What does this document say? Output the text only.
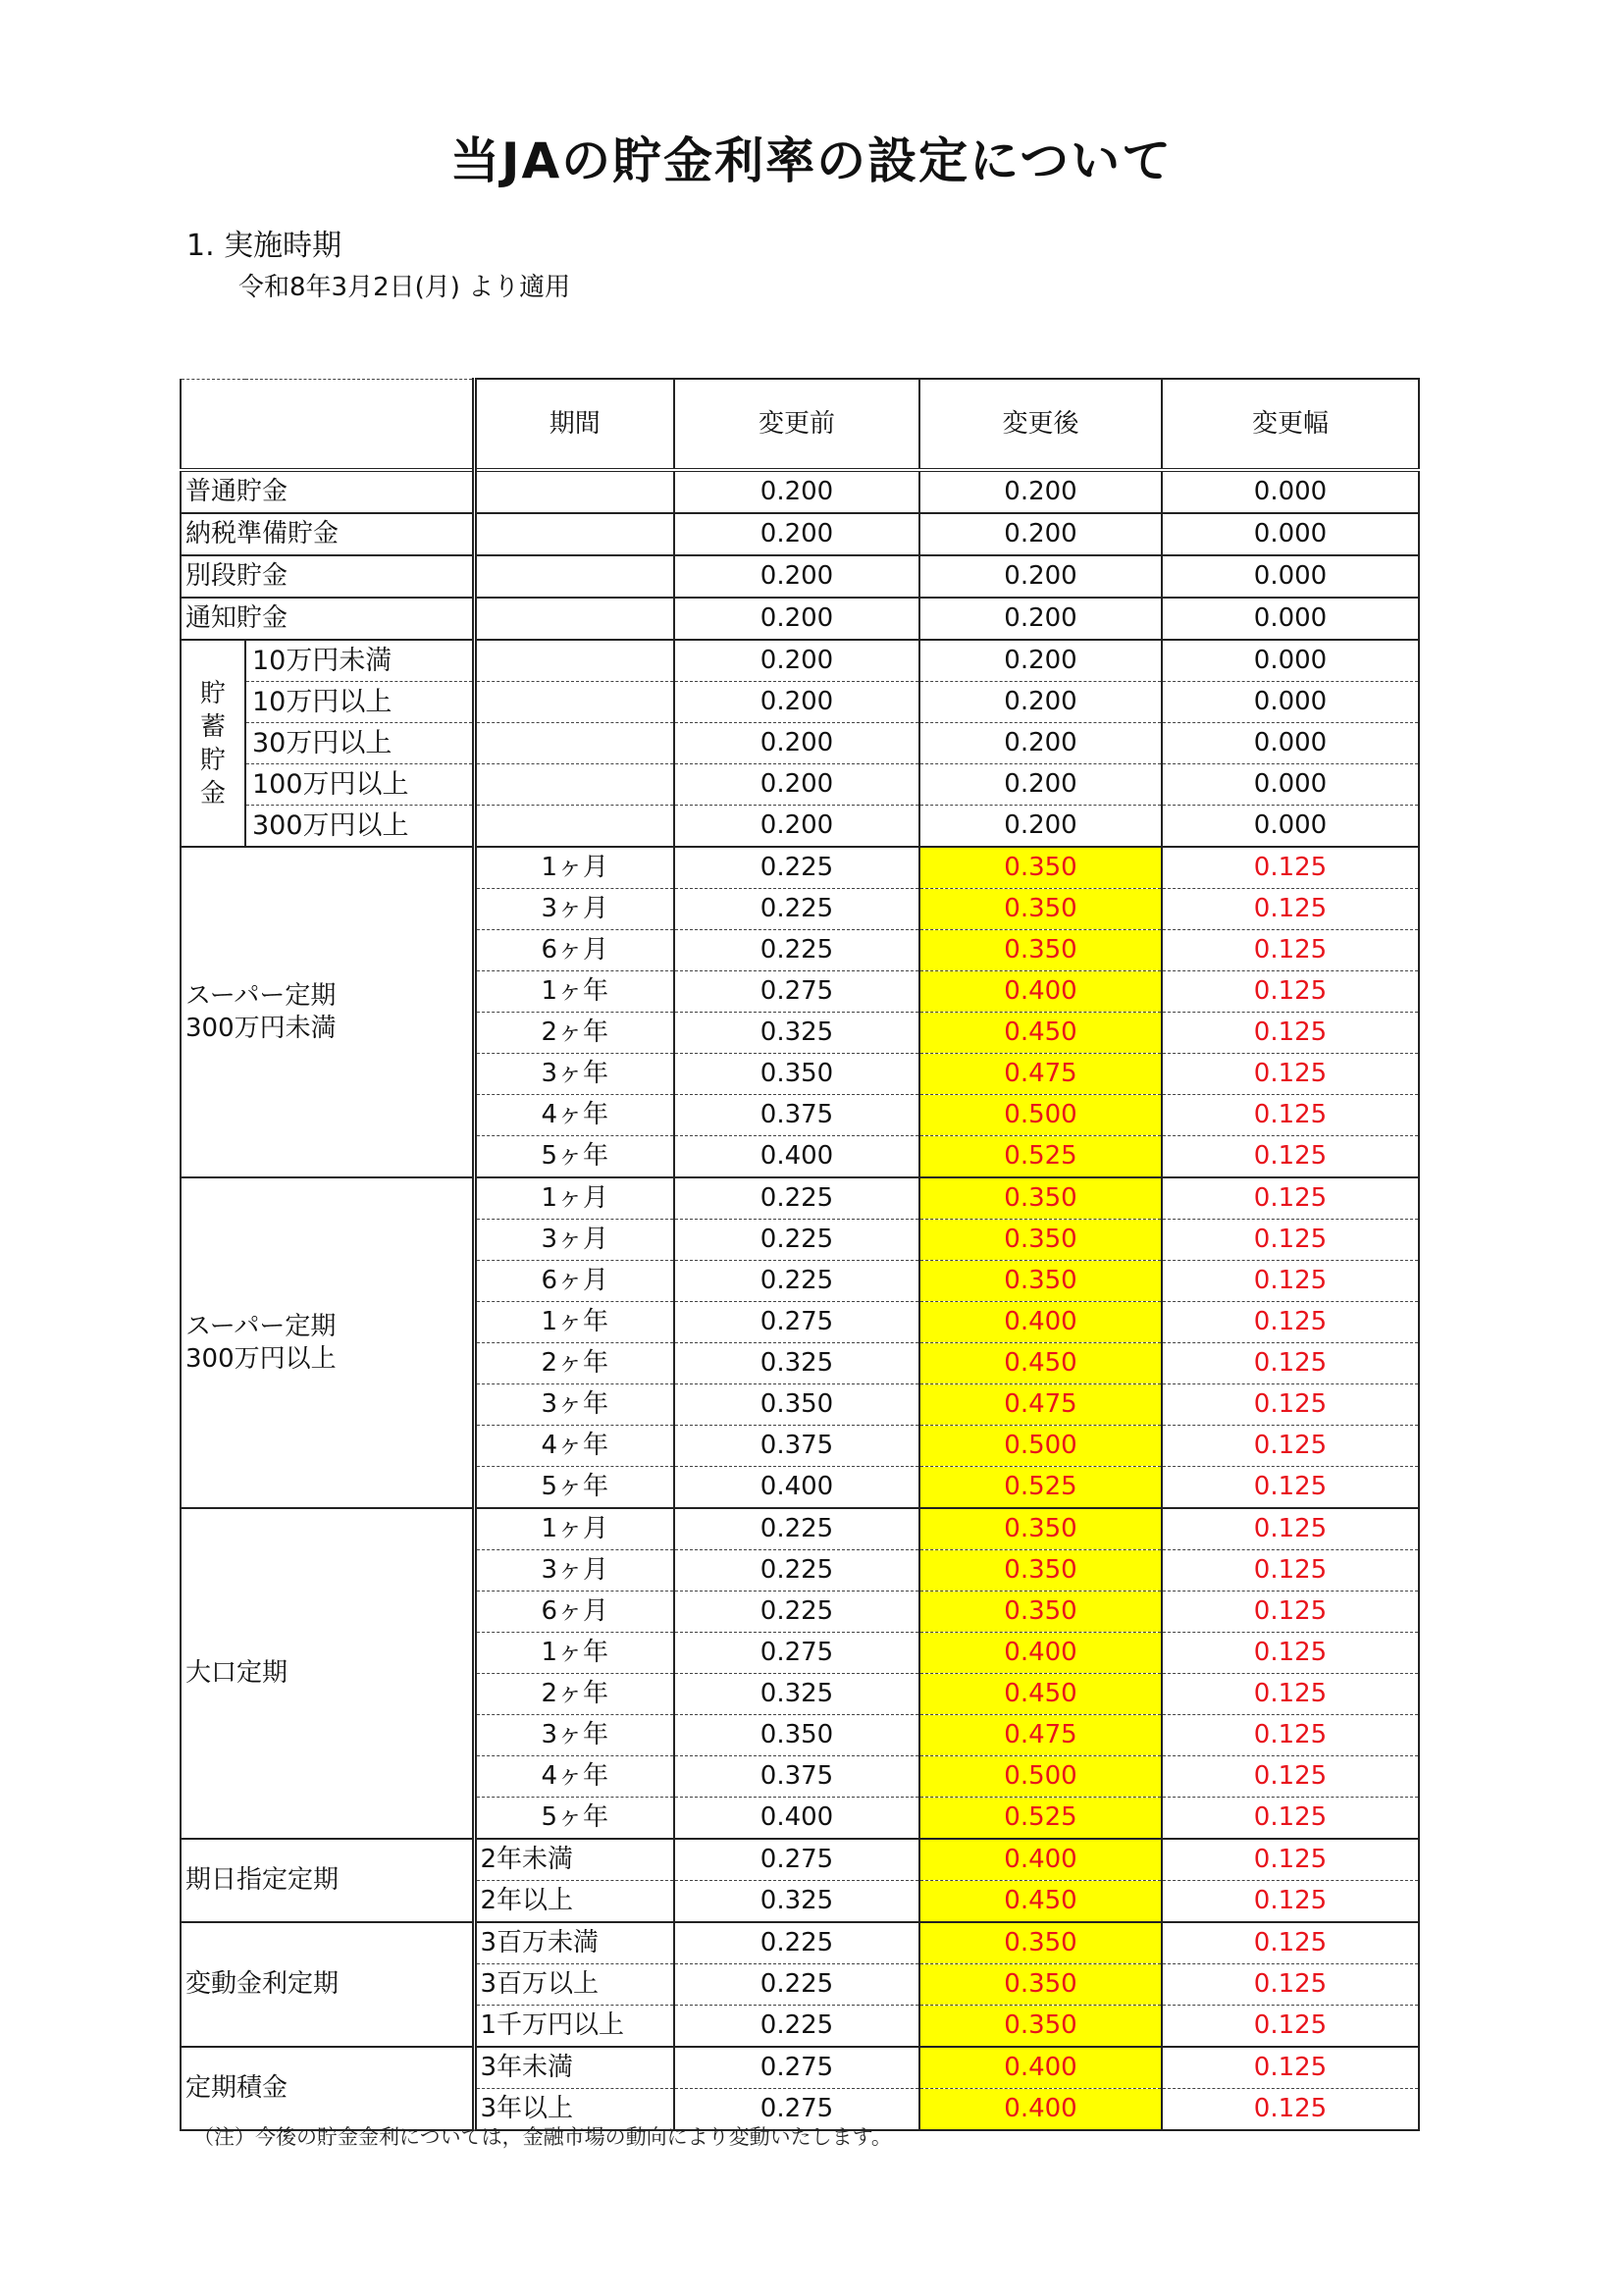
当JAの貯金利率の設定について
1. 実施時期
令和8年3月2日(月) より適用
		期間	変更前	変更後	変更幅
普通貯金			0.200	0.200	0.000
納税準備貯金			0.200	0.200	0.000
別段貯金			0.200	0.200	0.000
通知貯金			0.200	0.200	0.000

貯
蓄
貯
金	10万円未満		0.200	0.200	0.000
	10万円以上		0.200	0.200	0.000
	30万円以上		0.200	0.200	0.000
	100万円以上		0.200	0.200	0.000
	300万円以上		0.200	0.200	0.000

スーパー定期
300万円未満		1ヶ月	0.225	0.350	0.125
		3ヶ月	0.225	0.350	0.125
		6ヶ月	0.225	0.350	0.125
		1ヶ年	0.275	0.400	0.125
		2ヶ年	0.325	0.450	0.125
		3ヶ年	0.350	0.475	0.125
		4ヶ年	0.375	0.500	0.125
		5ヶ年	0.400	0.525	0.125

スーパー定期
300万円以上		1ヶ月	0.225	0.350	0.125
		3ヶ月	0.225	0.350	0.125
		6ヶ月	0.225	0.350	0.125
		1ヶ年	0.275	0.400	0.125
		2ヶ年	0.325	0.450	0.125
		3ヶ年	0.350	0.475	0.125
		4ヶ年	0.375	0.500	0.125
		5ヶ年	0.400	0.525	0.125

大口定期		1ヶ月	0.225	0.350	0.125
		3ヶ月	0.225	0.350	0.125
		6ヶ月	0.225	0.350	0.125
		1ヶ年	0.275	0.400	0.125
		2ヶ年	0.325	0.450	0.125
		3ヶ年	0.350	0.475	0.125
		4ヶ年	0.375	0.500	0.125
		5ヶ年	0.400	0.525	0.125

期日指定定期		2年未満	0.275	0.400	0.125
		2年以上	0.325	0.450	0.125

変動金利定期		3百万未満	0.225	0.350	0.125
		3百万以上	0.225	0.350	0.125
		1千万円以上	0.225	0.350	0.125

定期積金		3年未満	0.275	0.400	0.125
		3年以上	0.275	0.400	0.125
（注）今後の貯金金利については，金融市場の動向により変動いたします。
